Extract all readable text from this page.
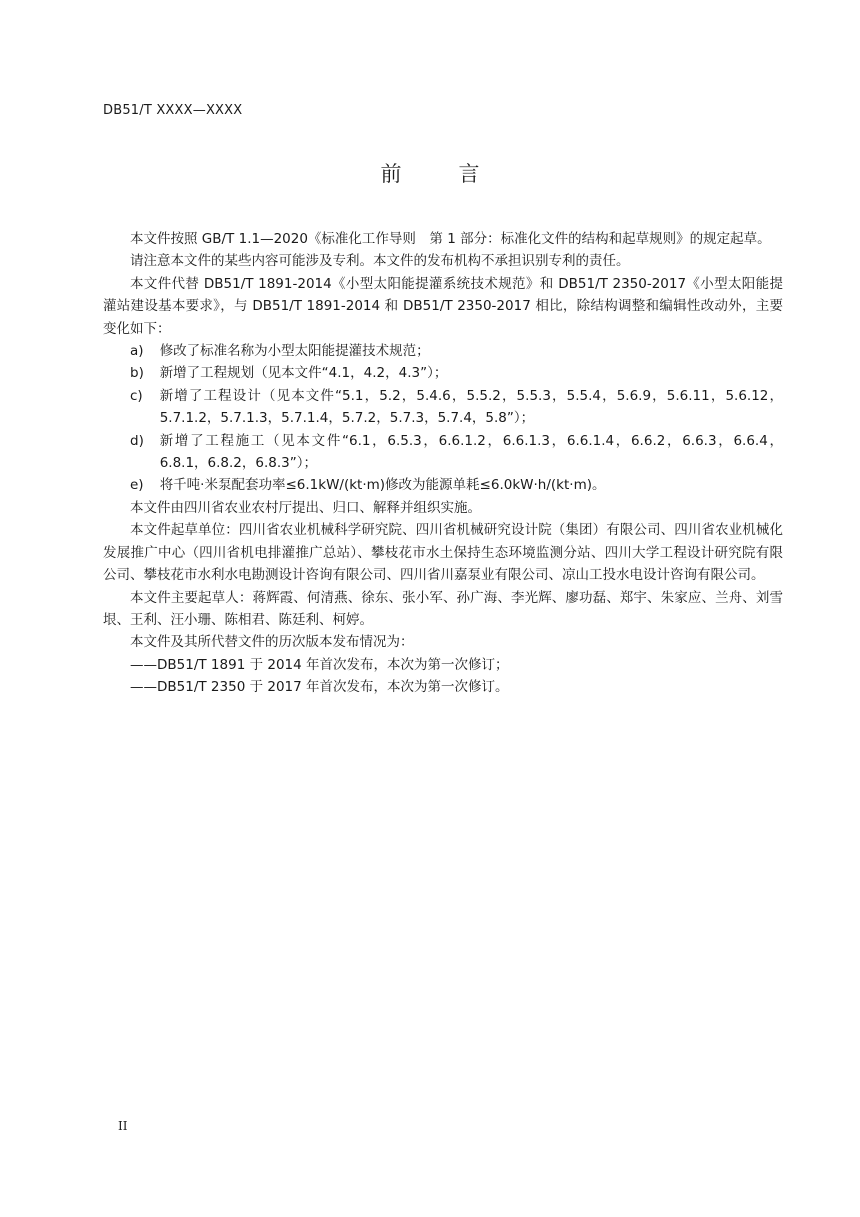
DB51/T XXXX—XXXX
前　言

本文件按照 GB/T 1.1—2020《标准化工作导则　第 1 部分：标准化文件的结构和起草规则》的规定起草。

请注意本文件的某些内容可能涉及专利。本文件的发布机构不承担识别专利的责任。

本文件代替 DB51/T 1891-2014《小型太阳能提灌系统技术规范》和 DB51/T 2350-2017《小型太阳能提灌站建设基本要求》，与 DB51/T 1891-2014 和 DB51/T 2350-2017 相比，除结构调整和编辑性改动外，主要变化如下：

a)	修改了标准名称为小型太阳能提灌技术规范；
b)	新增了工程规划（见本文件“4.1，4.2，4.3”）；
c)	新增了工程设计（见本文件“5.1，5.2，5.4.6，5.5.2，5.5.3，5.5.4，5.6.9，5.6.11，5.6.12，5.7.1.2，5.7.1.3，5.7.1.4，5.7.2，5.7.3，5.7.4，5.8”）；
d)	新增了工程施工（见本文件“6.1，6.5.3，6.6.1.2，6.6.1.3，6.6.1.4，6.6.2，6.6.3，6.6.4，6.8.1，6.8.2，6.8.3”）；
e)	将千吨·米泵配套功率≤6.1kW/(kt·m)修改为能源单耗≤6.0kW·h/(kt·m)。

本文件由四川省农业农村厅提出、归口、解释并组织实施。

本文件起草单位：四川省农业机械科学研究院、四川省机械研究设计院（集团）有限公司、四川省农业机械化发展推广中心（四川省机电排灌推广总站）、攀枝花市水土保持生态环境监测分站、四川大学工程设计研究院有限公司、攀枝花市水利水电勘测设计咨询有限公司、四川省川嘉泵业有限公司、凉山工投水电设计咨询有限公司。

本文件主要起草人：蒋辉霞、何清燕、徐东、张小军、孙广海、李光辉、廖功磊、郑宇、朱家应、兰舟、刘雪垠、王利、汪小珊、陈相君、陈廷利、柯婷。

本文件及其所代替文件的历次版本发布情况为：

——DB51/T 1891 于 2014 年首次发布，本次为第一次修订；

——DB51/T 2350 于 2017 年首次发布，本次为第一次修订。

II
